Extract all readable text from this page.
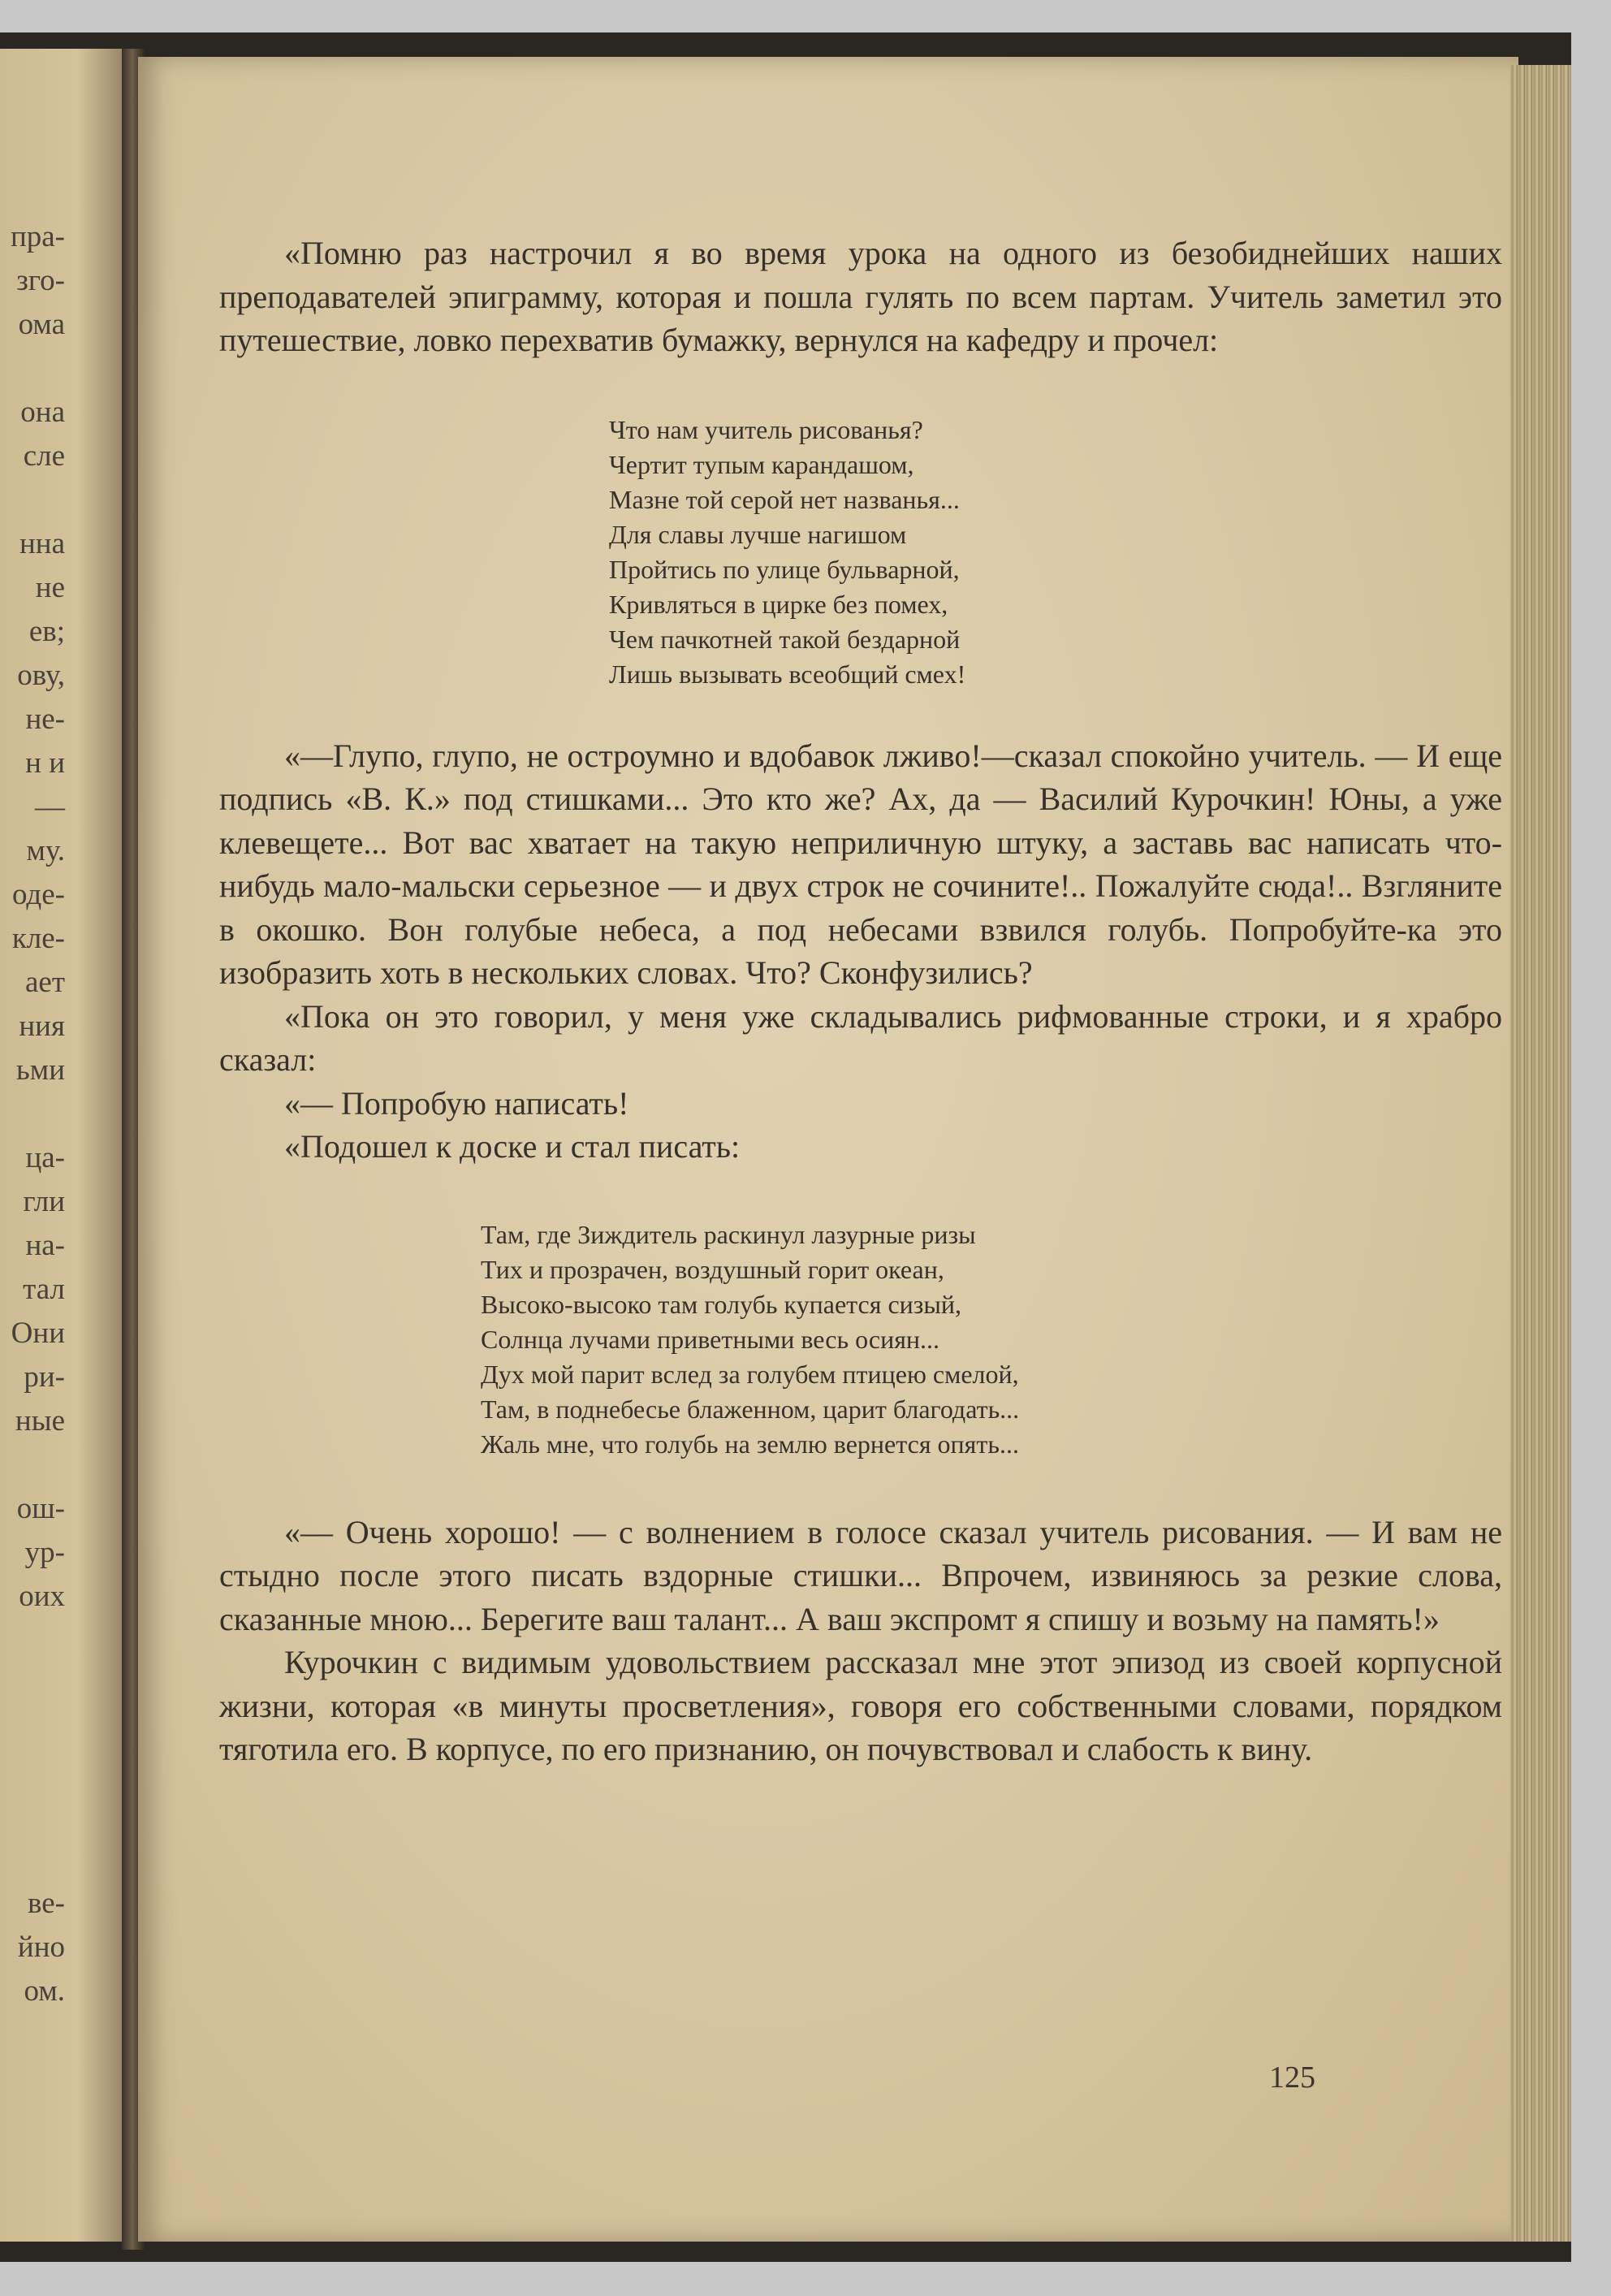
пра-
зго-
ома
она
сле
нна
не
ев;
ову,
не-
н и
—
му.
оде-
кле-
ает
ния
ьми
ца-
гли
на-
тал
Они
ри-
ные
ош-
ур-
оих
ве-
йно
ом.

«Помню раз настрочил я во время урока на одного из безобиднейших наших преподавателей эпиграмму, которая и пошла гулять по всем партам. Учитель заметил это путешествие, ловко перехватив бумажку, вернулся на кафедру и прочел:

Что нам учитель рисованья?
Чертит тупым карандашом,
Мазне той серой нет названья...
Для славы лучше нагишом
Пройтись по улице бульварной,
Кривляться в цирке без помех,
Чем пачкотней такой бездарной
Лишь вызывать всеобщий смех!

«—Глупо, глупо, не остроумно и вдобавок лживо!—сказал спокойно учитель. — И еще подпись «В. К.» под стишками... Это кто же? Ах, да — Василий Курочкин! Юны, а уже клевещете... Вот вас хватает на такую неприличную штуку, а заставь вас написать что-нибудь мало-мальски серьезное — и двух строк не сочините!.. Пожалуйте сюда!.. Взгляните в окошко. Вон голубые небеса, а под небесами взвился голубь. Попробуйте-ка это изобразить хоть в нескольких словах. Что? Сконфузились?

«Пока он это говорил, у меня уже складывались рифмованные строки, и я храбро сказал:

«— Попробую написать!

«Подошел к доске и стал писать:

Там, где Зиждитель раскинул лазурные ризы
Тих и прозрачен, воздушный горит океан,
Высоко-высоко там голубь купается сизый,
Солнца лучами приветными весь осиян...
Дух мой парит вслед за голубем птицею смелой,
Там, в поднебесье блаженном, царит благодать...
Жаль мне, что голубь на землю вернется опять...

«— Очень хорошо! — с волнением в голосе сказал учитель рисования. — И вам не стыдно после этого писать вздорные стишки... Впрочем, извиняюсь за резкие слова, сказанные мною... Берегите ваш талант... А ваш экспромт я спишу и возьму на память!»

Курочкин с видимым удовольствием рассказал мне этот эпизод из своей корпусной жизни, которая «в минуты просветления», говоря его собственными словами, порядком тяготила его. В корпусе, по его признанию, он почувствовал и слабость к вину.

125
